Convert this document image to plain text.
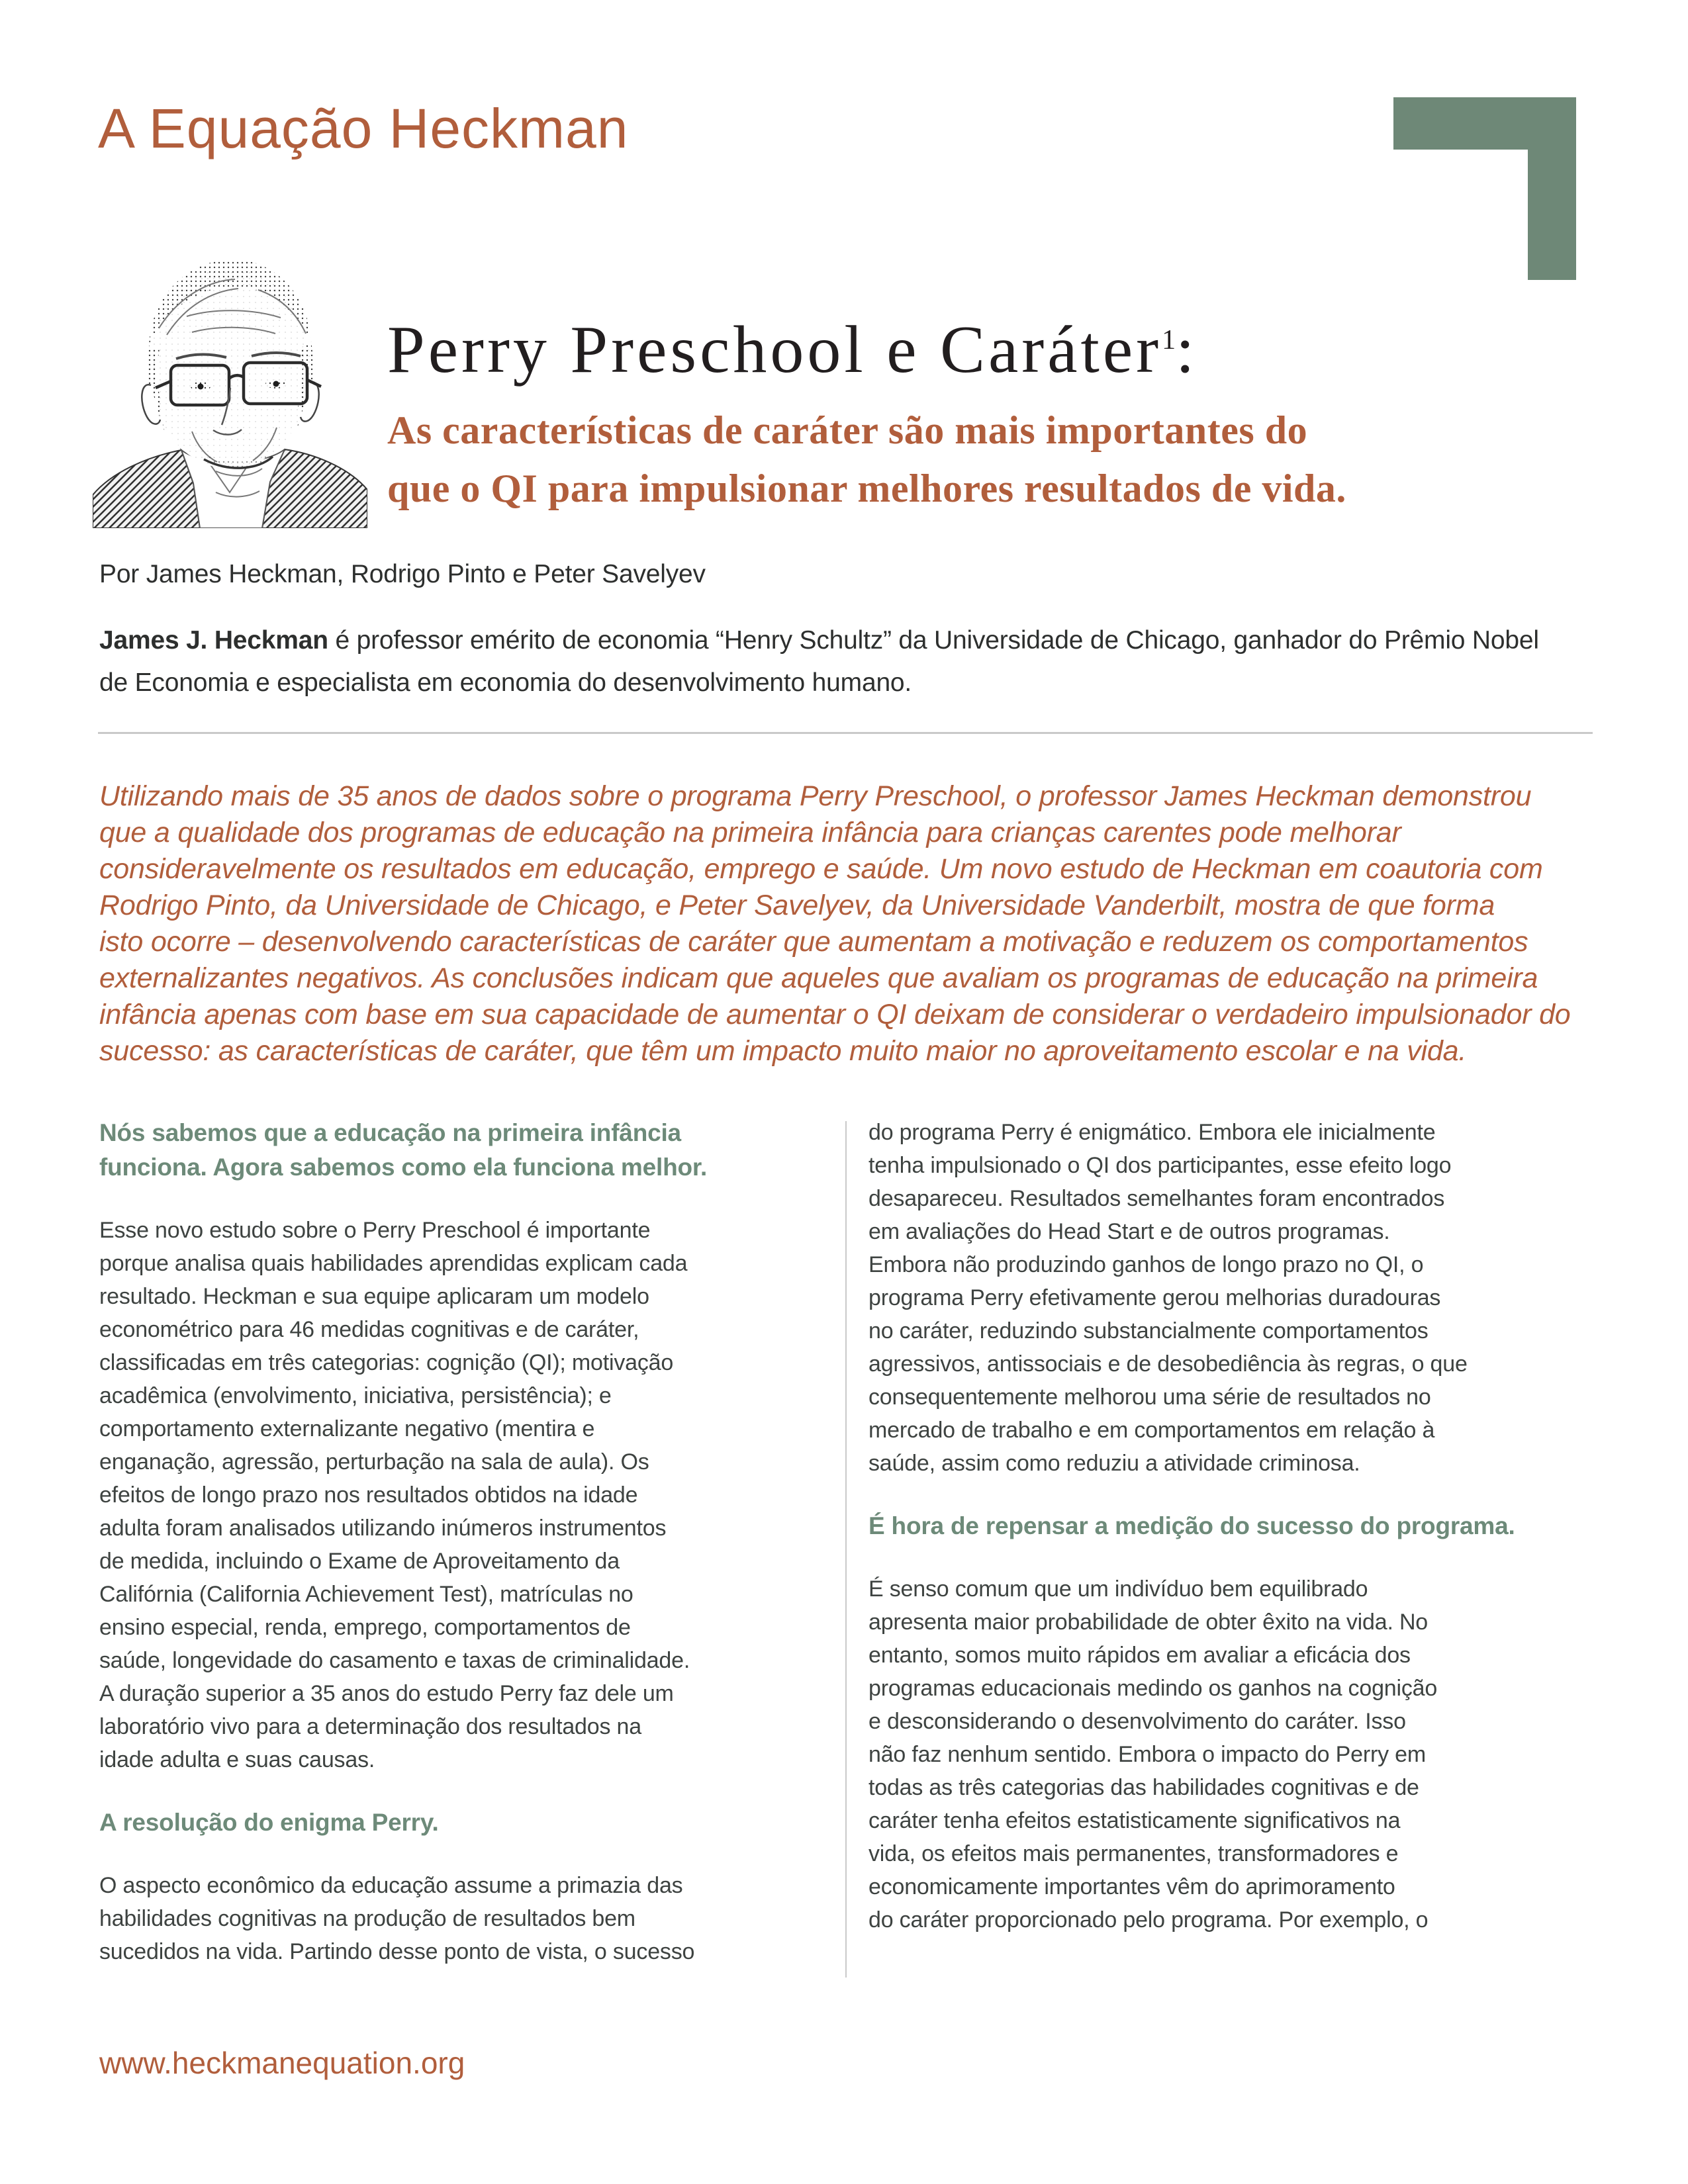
A Equação Heckman
Perry Preschool e Caráter$^1$:
As características de caráter são mais importantes do
que o QI para impulsionar melhores resultados de vida.
Por James Heckman, Rodrigo Pinto e Peter Savelyev
James J. Heckman é professor emérito de economia “Henry Schultz” da Universidade de Chicago, ganhador do Prêmio Nobel
de Economia e especialista em economia do desenvolvimento humano.
Utilizando mais de 35 anos de dados sobre o programa Perry Preschool, o professor James Heckman demonstrou
que a qualidade dos programas de educação na primeira infância para crianças carentes pode melhorar
consideravelmente os resultados em educação, emprego e saúde. Um novo estudo de Heckman em coautoria com
Rodrigo Pinto, da Universidade de Chicago, e Peter Savelyev, da Universidade Vanderbilt, mostra de que forma
isto ocorre – desenvolvendo características de caráter que aumentam a motivação e reduzem os comportamentos
externalizantes negativos. As conclusões indicam que aqueles que avaliam os programas de educação na primeira
infância apenas com base em sua capacidade de aumentar o QI deixam de considerar o verdadeiro impulsionador do
sucesso: as características de caráter, que têm um impacto muito maior no aproveitamento escolar e na vida.
Nós sabemos que a educação na primeira infância
funciona. Agora sabemos como ela funciona melhor.
Esse novo estudo sobre o Perry Preschool é importante
porque analisa quais habilidades aprendidas explicam cada
resultado. Heckman e sua equipe aplicaram um modelo
econométrico para 46 medidas cognitivas e de caráter,
classificadas em três categorias: cognição (QI); motivação
acadêmica (envolvimento, iniciativa, persistência); e
comportamento externalizante negativo (mentira e
enganação, agressão, perturbação na sala de aula). Os
efeitos de longo prazo nos resultados obtidos na idade
adulta foram analisados utilizando inúmeros instrumentos
de medida, incluindo o Exame de Aproveitamento da
Califórnia (California Achievement Test), matrículas no
ensino especial, renda, emprego, comportamentos de
saúde, longevidade do casamento e taxas de criminalidade.
A duração superior a 35 anos do estudo Perry faz dele um
laboratório vivo para a determinação dos resultados na
idade adulta e suas causas.
A resolução do enigma Perry.
O aspecto econômico da educação assume a primazia das
habilidades cognitivas na produção de resultados bem
sucedidos na vida. Partindo desse ponto de vista, o sucesso
do programa Perry é enigmático. Embora ele inicialmente
tenha impulsionado o QI dos participantes, esse efeito logo
desapareceu. Resultados semelhantes foram encontrados
em avaliações do Head Start e de outros programas.
Embora não produzindo ganhos de longo prazo no QI, o
programa Perry efetivamente gerou melhorias duradouras
no caráter, reduzindo substancialmente comportamentos
agressivos, antissociais e de desobediência às regras, o que
consequentemente melhorou uma série de resultados no
mercado de trabalho e em comportamentos em relação à
saúde, assim como reduziu a atividade criminosa.
É hora de repensar a medição do sucesso do programa.
É senso comum que um indivíduo bem equilibrado
apresenta maior probabilidade de obter êxito na vida. No
entanto, somos muito rápidos em avaliar a eficácia dos
programas educacionais medindo os ganhos na cognição
e desconsiderando o desenvolvimento do caráter. Isso
não faz nenhum sentido. Embora o impacto do Perry em
todas as três categorias das habilidades cognitivas e de
caráter tenha efeitos estatisticamente significativos na
vida, os efeitos mais permanentes, transformadores e
economicamente importantes vêm do aprimoramento
do caráter proporcionado pelo programa. Por exemplo, o
www.heckmanequation.org
